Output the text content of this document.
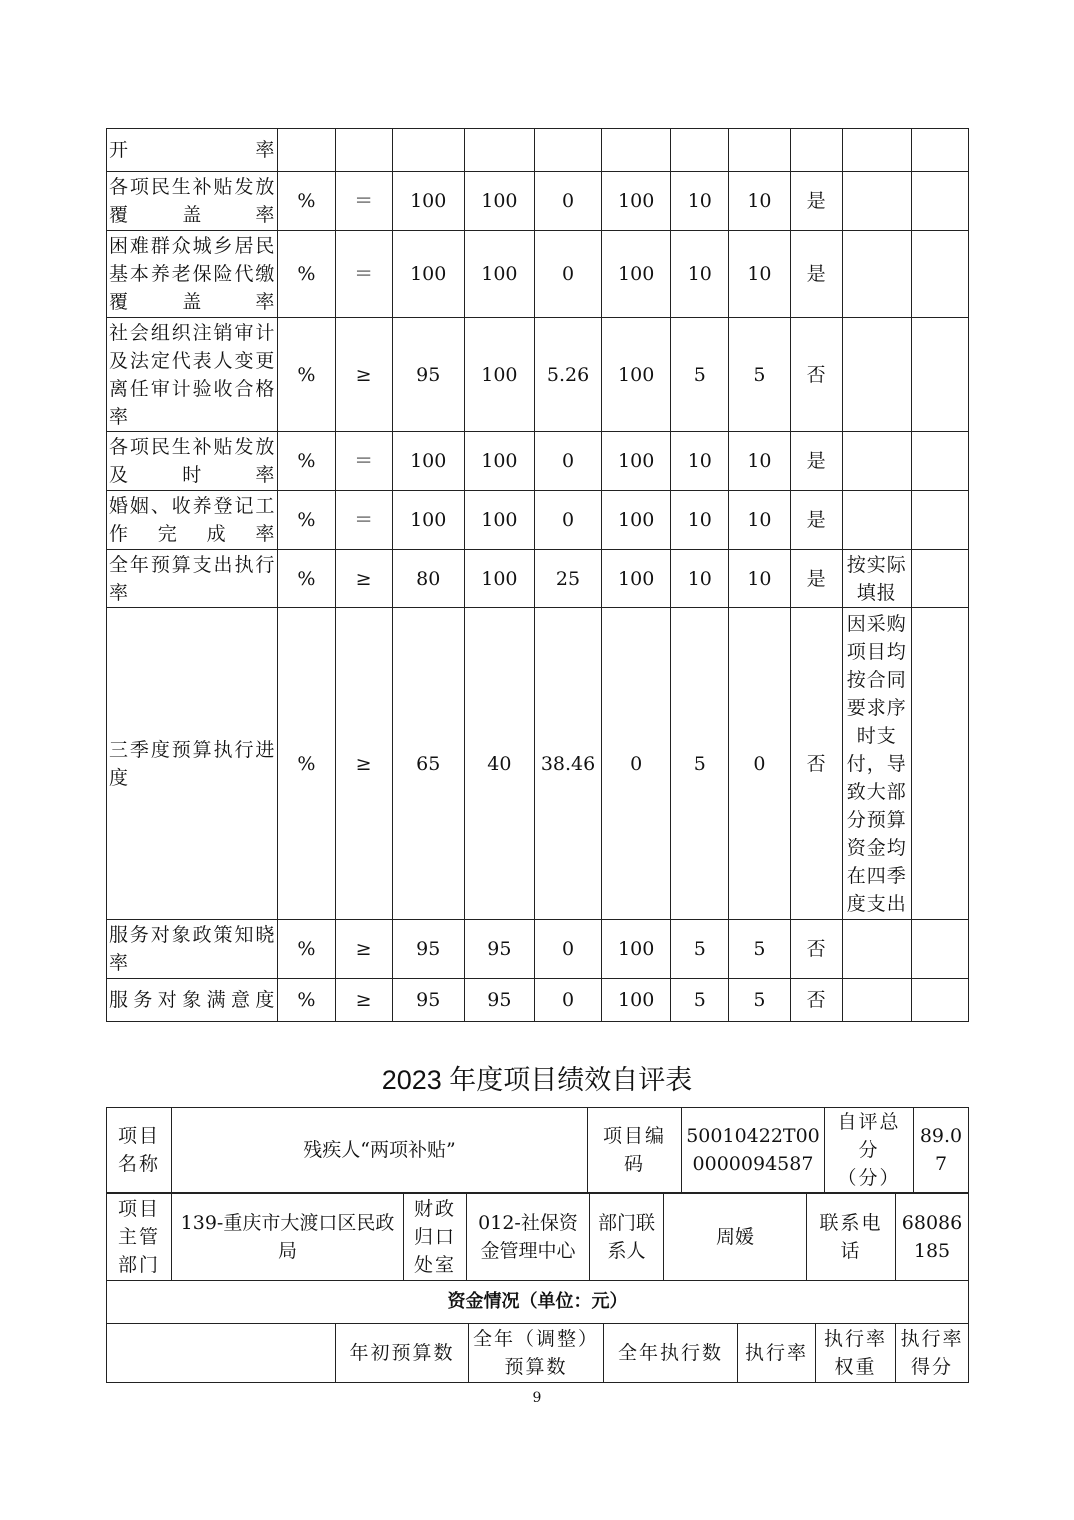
开率											
各项民生补贴发放覆盖率	%	＝	100	100	0	100	10	10	是		
困难群众城乡居民基本养老保险代缴覆盖率	%	＝	100	100	0	100	10	10	是		
社会组织注销审计及法定代表人变更离任审计验收合格率	%	≥	95	100	5.26	100	5	5	否		
各项民生补贴发放及时率	%	＝	100	100	0	100	10	10	是		
婚姻、收养登记工作完成率	%	＝	100	100	0	100	10	10	是		
全年预算支出执行率	%	≥	80	100	25	100	10	10	是	按实际填报	
三季度预算执行进度	%	≥	65	40	38.46	0	5	0	否	因采购项目均按合同要求序时支付，导致大部分预算资金均在四季度支出	
服务对象政策知晓率	%	≥	95	95	0	100	5	5	否		
服务对象满意度	%	≥	95	95	0	100	5	5	否		
2023 年度项目绩效自评表
项目名称	残疾人“两项补贴”	项目编码	50010422T000000094587	自评总分（分）	89.07
项目主管部门	139-重庆市大渡口区民政局	财政归口处室	012-社保资金管理中心	部门联系人	周媛	联系电话	68086185
资金情况（单位：元）
	年初预算数	全年（调整）预算数	全年执行数	执行率	执行率权重	执行率得分
9
